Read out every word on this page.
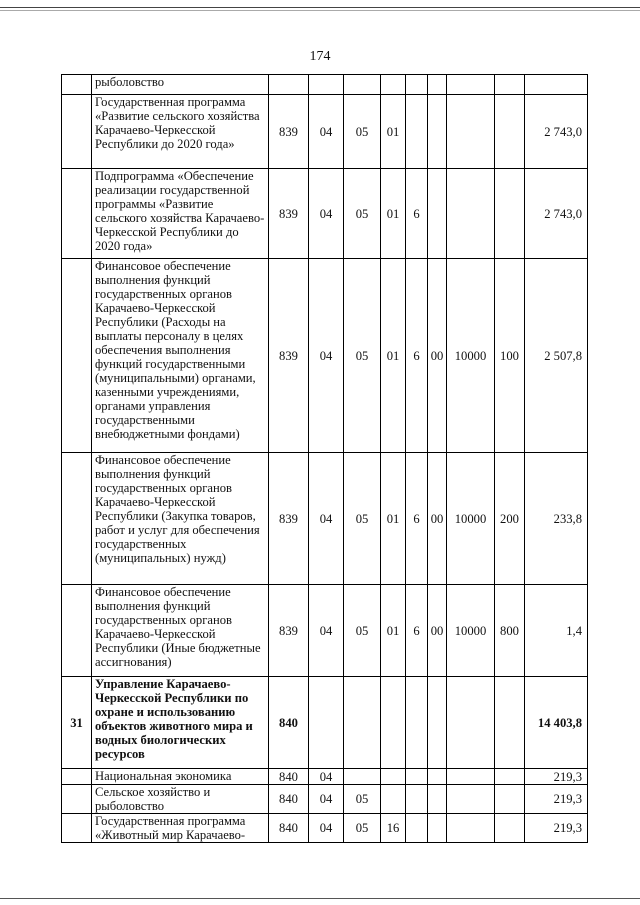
174
	рыболовство									
	Государственная программа «Развитие сельского хозяйства Карачаево-Черкесской Республики до 2020 года»	839	04	05	01					2 743,0
	Подпрограмма «Обеспечение реализации государственной программы «Развитие сельского хозяйства Карачаево-Черкесской Республики до 2020 года»	839	04	05	01	6				2 743,0
	Финансовое обеспечение выполнения функций государственных органов Карачаево-Черкесской Республики (Расходы на выплаты персоналу в целях обеспечения выполнения функций государственными (муниципальными) органами, казенными учреждениями, органами управления государственными внебюджетными фондами)	839	04	05	01	6	00	10000	100	2 507,8
	Финансовое обеспечение выполнения функций государственных органов Карачаево-Черкесской Республики (Закупка товаров, работ и услуг для обеспечения государственных (муниципальных) нужд)	839	04	05	01	6	00	10000	200	233,8
	Финансовое обеспечение выполнения функций государственных органов Карачаево-Черкесской Республики (Иные бюджетные ассигнования)	839	04	05	01	6	00	10000	800	1,4
31	Управление Карачаево-Черкесской Республики по охране и использованию объектов животного мира и водных биологических ресурсов	840								14 403,8
	Национальная экономика	840	04							219,3
	Сельское хозяйство и рыболовство	840	04	05						219,3
	Государственная программа «Животный мир Карачаево-	840	04	05	16					219,3
